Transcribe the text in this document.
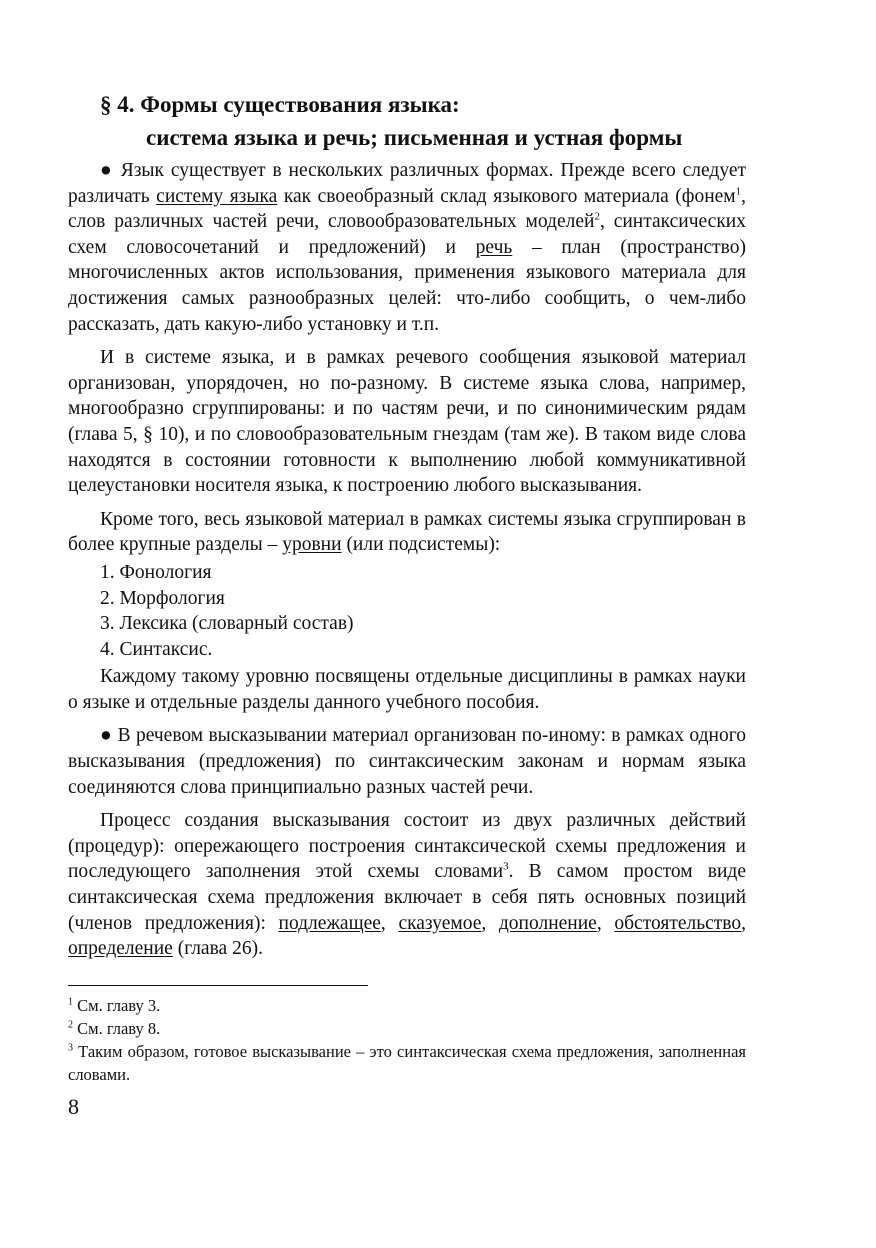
§ 4. Формы существования языка:
система языка и речь; письменная и устная формы

● Язык существует в нескольких различных формах. Прежде всего следует различать систему языка как своеобразный склад языкового материала (фонем$^1$, слов различных частей речи, словообразовательных моделей$^2$, синтаксических схем словосочетаний и предложений) и речь – план (пространство) многочисленных актов использования, применения языкового материала для достижения самых разнообразных целей: что-либо сообщить, о чем-либо рассказать, дать какую-либо установку и т.п.

И в системе языка, и в рамках речевого сообщения языковой материал организован, упорядочен, но по-разному. В системе языка слова, например, многообразно сгруппированы: и по частям речи, и по синонимическим рядам (глава 5, § 10), и по словообразовательным гнездам (там же). В таком виде слова находятся в состоянии готовности к выполнению любой коммуникативной целеустановки носителя языка, к построению любого высказывания.

Кроме того, весь языковой материал в рамках системы языка сгруппирован в более крупные разделы – уровни (или подсистемы):

1. Фонология
2. Морфология
3. Лексика (словарный состав)
4. Синтаксис.

Каждому такому уровню посвящены отдельные дисциплины в рамках науки о языке и отдельные разделы данного учебного пособия.

● В речевом высказывании материал организован по-иному: в рамках одного высказывания (предложения) по синтаксическим законам и нормам языка соединяются слова принципиально разных частей речи.

Процесс создания высказывания состоит из двух различных действий (процедур): опережающего построения синтаксической схемы предложения и последующего заполнения этой схемы словами$^3$. В самом простом виде синтаксическая схема предложения включает в себя пять основных позиций (членов предложения): подлежащее, сказуемое, дополнение, обстоятельство, определение (глава 26).

$^1$ См. главу 3.
$^2$ См. главу 8.
$^3$ Таким образом, готовое высказывание – это синтаксическая схема предложения, заполненная словами.
8
